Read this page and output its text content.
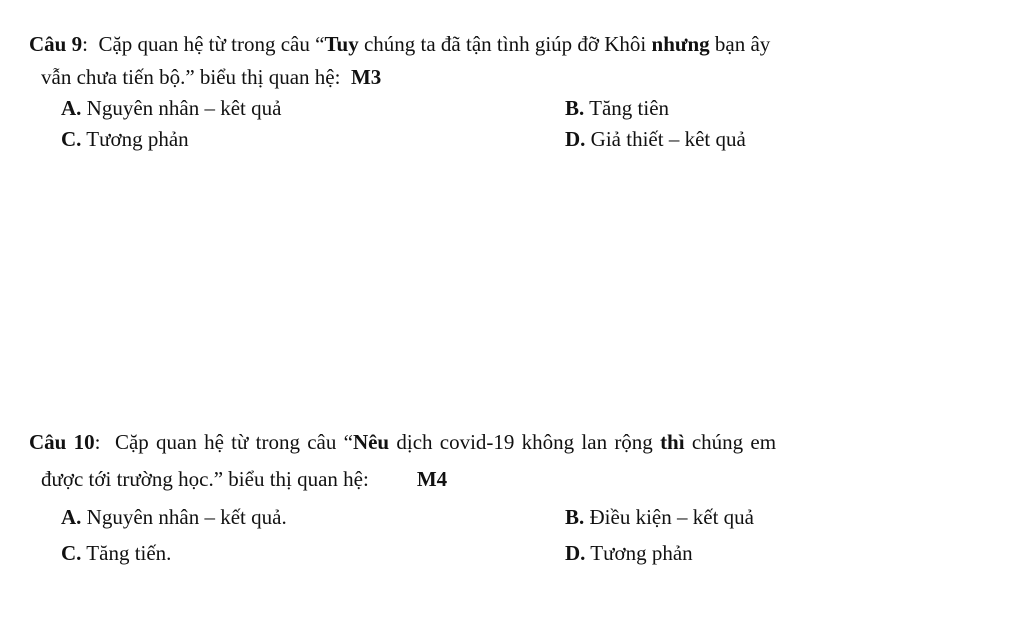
Câu 9: Cặp quan hệ từ trong câu “Tuy chúng ta đã tận tình giúp đỡ Khôi nhưng bạn ây
vẫn chưa tiến bộ.” biểu thị quan hệ: M3
A. Nguyên nhân – kêt quả	B. Tăng tiên
C. Tương phản	D. Giả thiết – kêt quả
Câu 10: Cặp quan hệ từ trong câu “Nêu dịch covid-19 không lan rộng thì chúng em
được tới trường học.” biểu thị quan hệ: M4
A. Nguyên nhân – kết quả.	B. Điều kiện – kết quả
C. Tăng tiến.	D. Tương phản
